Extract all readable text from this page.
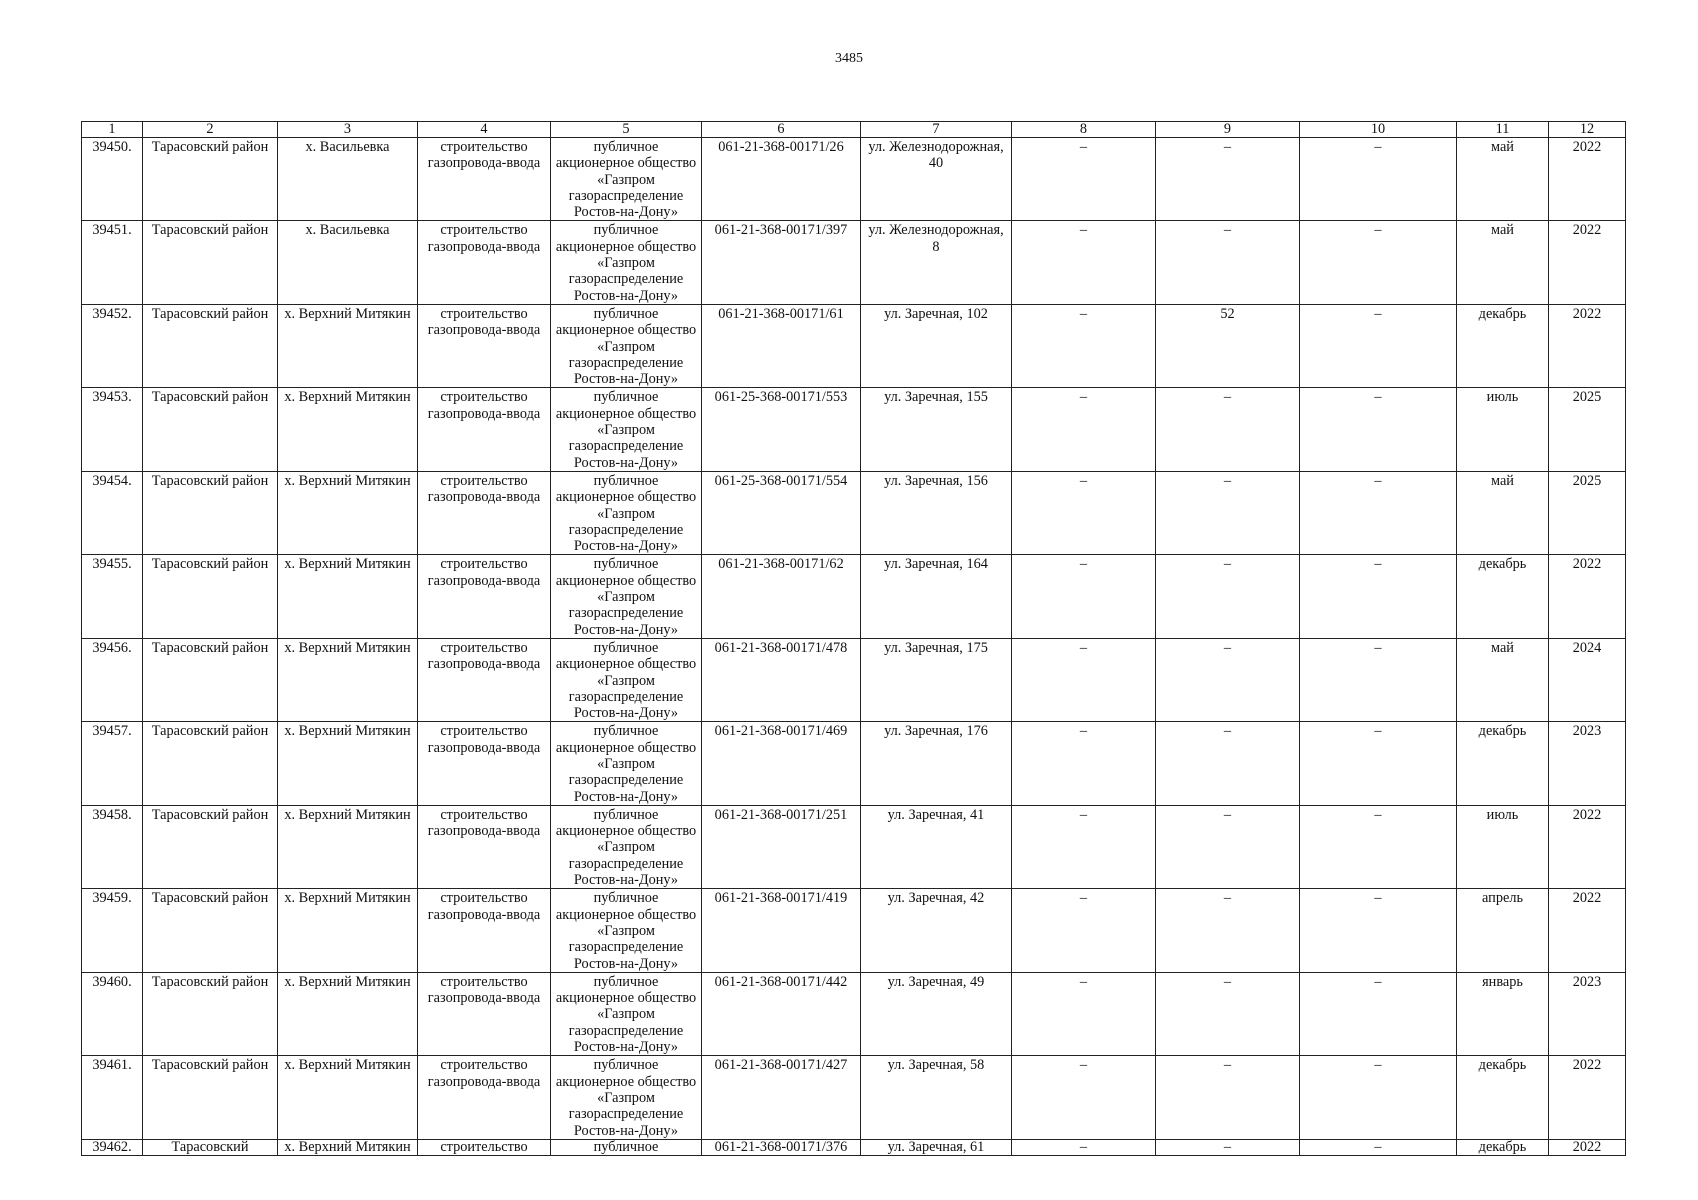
3485
1	2	3	4	5	6	7	8	9	10	11	12
39450.	Тарасовский район	х. Васильевка	строительство газопровода-ввода	публичное акционерное общество «Газпром газораспределение Ростов-на-Дону»	061-21-368-00171/26	ул. Железнодорожная, 40	–	–	–	май	2022
39451.	Тарасовский район	х. Васильевка	строительство газопровода-ввода	публичное акционерное общество «Газпром газораспределение Ростов-на-Дону»	061-21-368-00171/397	ул. Железнодорожная, 8	–	–	–	май	2022
39452.	Тарасовский район	х. Верхний Митякин	строительство газопровода-ввода	публичное акционерное общество «Газпром газораспределение Ростов-на-Дону»	061-21-368-00171/61	ул. Заречная, 102	–	52	–	декабрь	2022
39453.	Тарасовский район	х. Верхний Митякин	строительство газопровода-ввода	публичное акционерное общество «Газпром газораспределение Ростов-на-Дону»	061-25-368-00171/553	ул. Заречная, 155	–	–	–	июль	2025
39454.	Тарасовский район	х. Верхний Митякин	строительство газопровода-ввода	публичное акционерное общество «Газпром газораспределение Ростов-на-Дону»	061-25-368-00171/554	ул. Заречная, 156	–	–	–	май	2025
39455.	Тарасовский район	х. Верхний Митякин	строительство газопровода-ввода	публичное акционерное общество «Газпром газораспределение Ростов-на-Дону»	061-21-368-00171/62	ул. Заречная, 164	–	–	–	декабрь	2022
39456.	Тарасовский район	х. Верхний Митякин	строительство газопровода-ввода	публичное акционерное общество «Газпром газораспределение Ростов-на-Дону»	061-21-368-00171/478	ул. Заречная, 175	–	–	–	май	2024
39457.	Тарасовский район	х. Верхний Митякин	строительство газопровода-ввода	публичное акционерное общество «Газпром газораспределение Ростов-на-Дону»	061-21-368-00171/469	ул. Заречная, 176	–	–	–	декабрь	2023
39458.	Тарасовский район	х. Верхний Митякин	строительство газопровода-ввода	публичное акционерное общество «Газпром газораспределение Ростов-на-Дону»	061-21-368-00171/251	ул. Заречная, 41	–	–	–	июль	2022
39459.	Тарасовский район	х. Верхний Митякин	строительство газопровода-ввода	публичное акционерное общество «Газпром газораспределение Ростов-на-Дону»	061-21-368-00171/419	ул. Заречная, 42	–	–	–	апрель	2022
39460.	Тарасовский район	х. Верхний Митякин	строительство газопровода-ввода	публичное акционерное общество «Газпром газораспределение Ростов-на-Дону»	061-21-368-00171/442	ул. Заречная, 49	–	–	–	январь	2023
39461.	Тарасовский район	х. Верхний Митякин	строительство газопровода-ввода	публичное акционерное общество «Газпром газораспределение Ростов-на-Дону»	061-21-368-00171/427	ул. Заречная, 58	–	–	–	декабрь	2022
39462.	Тарасовский	х. Верхний Митякин	строительство	публичное	061-21-368-00171/376	ул. Заречная, 61	–	–	–	декабрь	2022
